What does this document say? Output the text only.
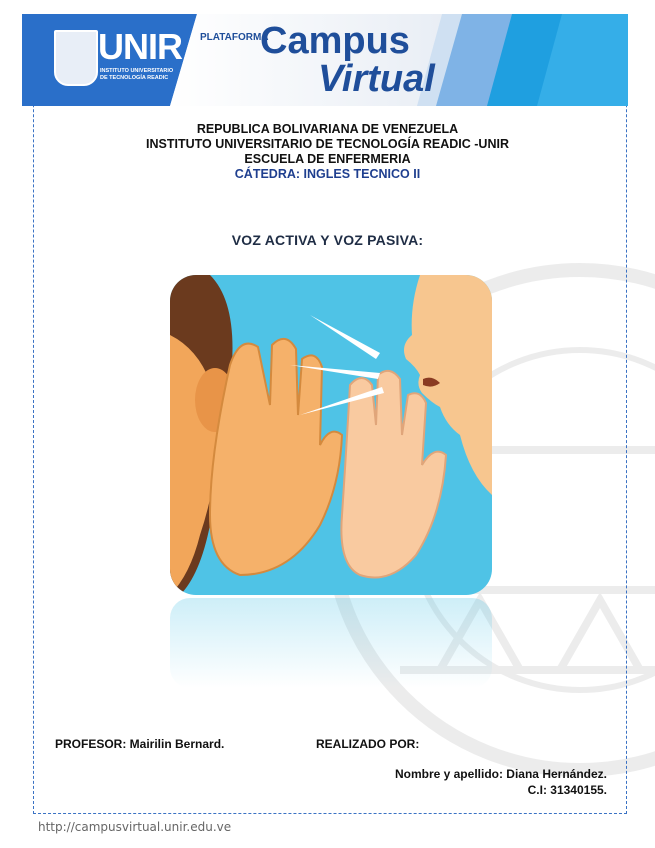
UNIR
INSTITUTO UNIVERSITARIO DE TECNOLOGÍA READIC
PLATAFORMA
Campus
Virtual
REPUBLICA BOLIVARIANA DE VENEZUELA
INSTITUTO UNIVERSITARIO DE TECNOLOGÍA READIC -UNIR
ESCUELA DE ENFERMERIA
CÁTEDRA: INGLES TECNICO II
VOZ ACTIVA Y VOZ PASIVA:
PROFESOR: Mairilin Bernard.	REALIZADO POR:
Nombre y apellido: Diana Hernández.
C.I: 31340155.
http://campusvirtual.unir.edu.ve
